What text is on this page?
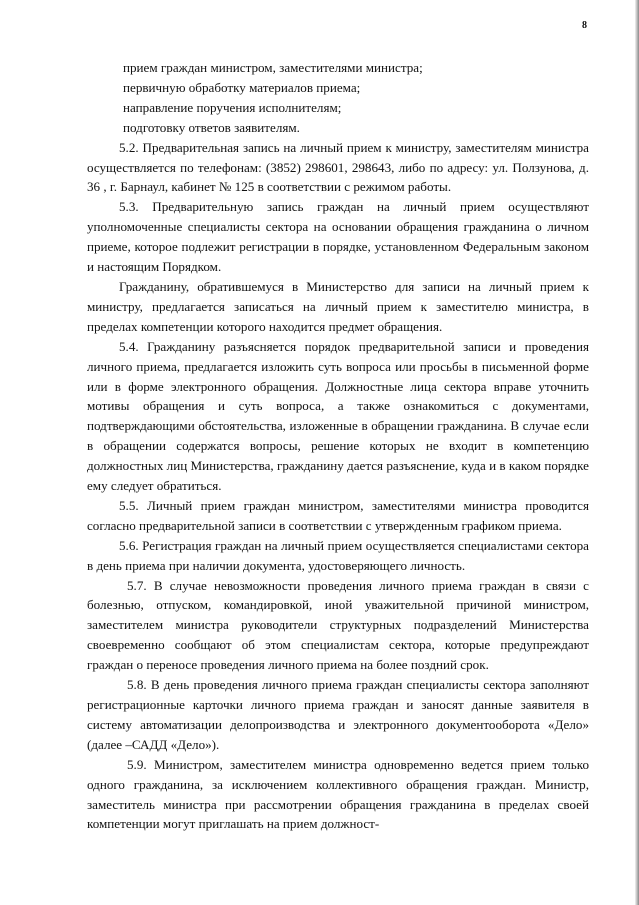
8

прием граждан министром, заместителями министра;

первичную обработку материалов приема;

направление поручения исполнителям;

подготовку ответов заявителям.

5.2. Предварительная запись на личный прием к министру, заместителям министра осуществляется по телефонам: (3852) 298601, 298643, либо по адресу: ул. Ползунова, д. 36 , г. Барнаул, кабинет № 125 в соответствии с режимом работы.

5.3. Предварительную запись граждан на личный прием осуществляют уполномоченные специалисты сектора на основании обращения гражданина о личном приеме, которое подлежит регистрации в порядке, установленном Федеральным законом и настоящим Порядком.

Гражданину, обратившемуся в Министерство для записи на личный прием к министру, предлагается записаться на личный прием к заместителю министра, в пределах компетенции которого находится предмет обращения.

5.4. Гражданину разъясняется порядок предварительной записи и проведения личного приема, предлагается изложить суть вопроса или просьбы в письменной форме или в форме электронного обращения. Должностные лица сектора вправе уточнить мотивы обращения и суть вопроса, а также ознакомиться с документами, подтверждающими обстоятельства, изложенные в обращении гражданина. В случае если в обращении содержатся вопросы, решение которых не входит в компетенцию должностных лиц Министерства, гражданину дается разъяснение, куда и в каком порядке ему следует обратиться.

5.5. Личный прием граждан министром, заместителями министра проводится согласно предварительной записи в соответствии с утвержденным графиком приема.

5.6. Регистрация граждан на личный прием осуществляется специалистами сектора в день приема при наличии документа, удостоверяющего личность.

5.7. В случае невозможности проведения личного приема граждан в связи с болезнью, отпуском, командировкой, иной уважительной причиной министром, заместителем министра руководители структурных подразделений Министерства своевременно сообщают об этом специалистам сектора, которые предупреждают граждан о переносе проведения личного приема на более поздний срок.

5.8. В день проведения личного приема граждан специалисты сектора заполняют регистрационные карточки личного приема граждан и заносят данные заявителя в систему автоматизации делопроизводства и электронного документооборота «Дело» (далее –САДД «Дело»).

5.9. Министром, заместителем министра одновременно ведется прием только одного гражданина, за исключением коллективного обращения граждан. Министр, заместитель министра при рассмотрении обращения гражданина в пределах своей компетенции могут приглашать на прием должност-
